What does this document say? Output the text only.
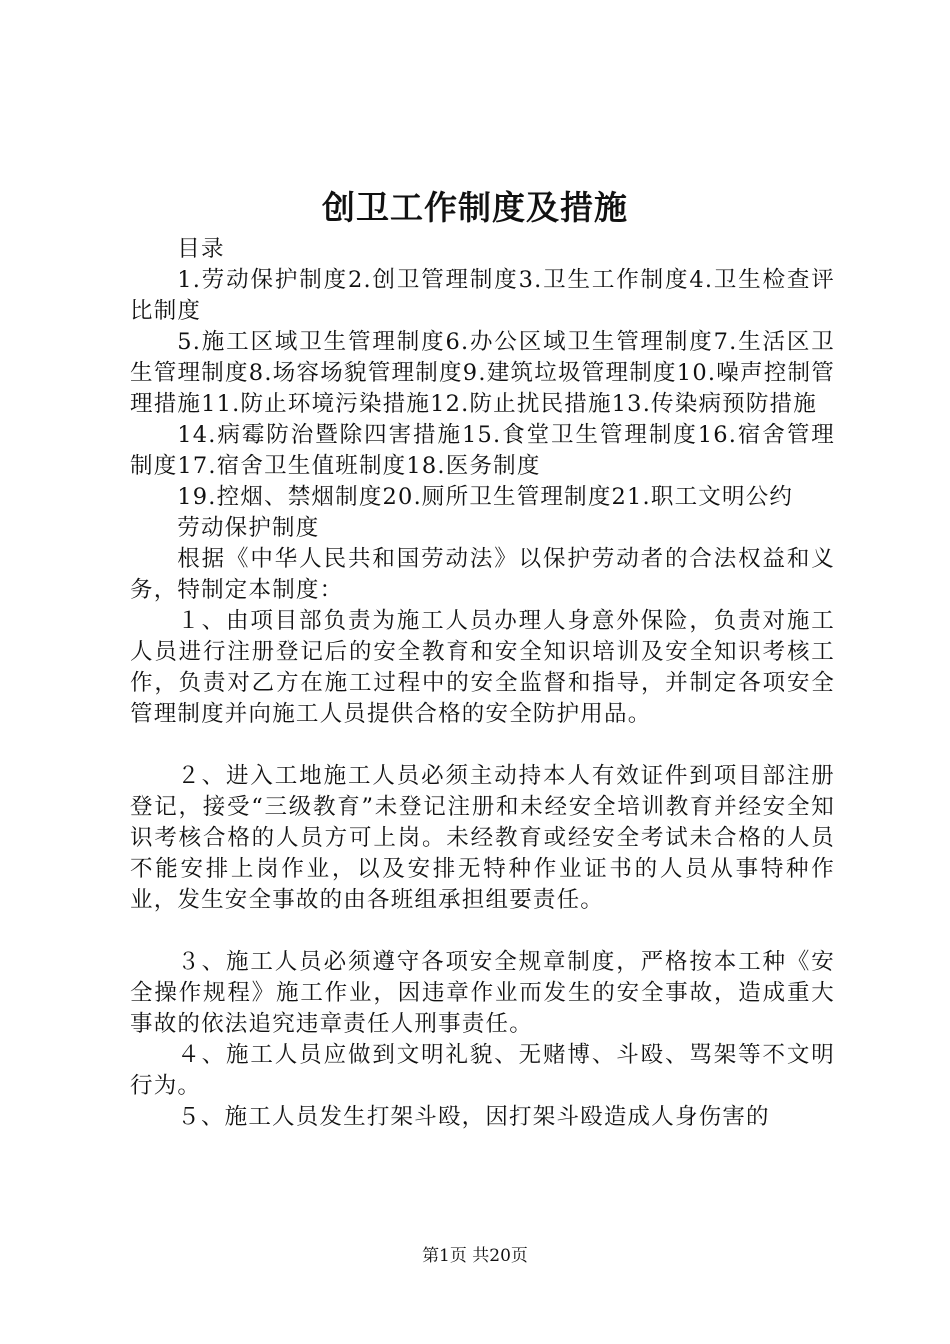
创卫工作制度及措施

目录

1.劳动保护制度2.创卫管理制度3.卫生工作制度4.卫生检查评比制度

5.施工区域卫生管理制度6.办公区域卫生管理制度7.生活区卫生管理制度8.场容场貌管理制度9.建筑垃圾管理制度10.噪声控制管理措施11.防止环境污染措施12.防止扰民措施13.传染病预防措施

14.病霉防治暨除四害措施15.食堂卫生管理制度16.宿舍管理制度17.宿舍卫生值班制度18.医务制度

19.控烟、禁烟制度20.厕所卫生管理制度21.职工文明公约

劳动保护制度

根据《中华人民共和国劳动法》以保护劳动者的合法权益和义务，特制定本制度：

１、由项目部负责为施工人员办理人身意外保险，负责对施工人员进行注册登记后的安全教育和安全知识培训及安全知识考核工作，负责对乙方在施工过程中的安全监督和指导，并制定各项安全管理制度并向施工人员提供合格的安全防护用品。

２、进入工地施工人员必须主动持本人有效证件到项目部注册登记，接受“三级教育”未登记注册和未经安全培训教育并经安全知识考核合格的人员方可上岗。未经教育或经安全考试未合格的人员不能安排上岗作业，以及安排无特种作业证书的人员从事特种作业，发生安全事故的由各班组承担组要责任。

３、施工人员必须遵守各项安全规章制度，严格按本工种《安全操作规程》施工作业，因违章作业而发生的安全事故，造成重大事故的依法追究违章责任人刑事责任。

４、施工人员应做到文明礼貌、无赌博、斗殴、骂架等不文明行为。

５、施工人员发生打架斗殴，因打架斗殴造成人身伤害的

第1页 共20页
